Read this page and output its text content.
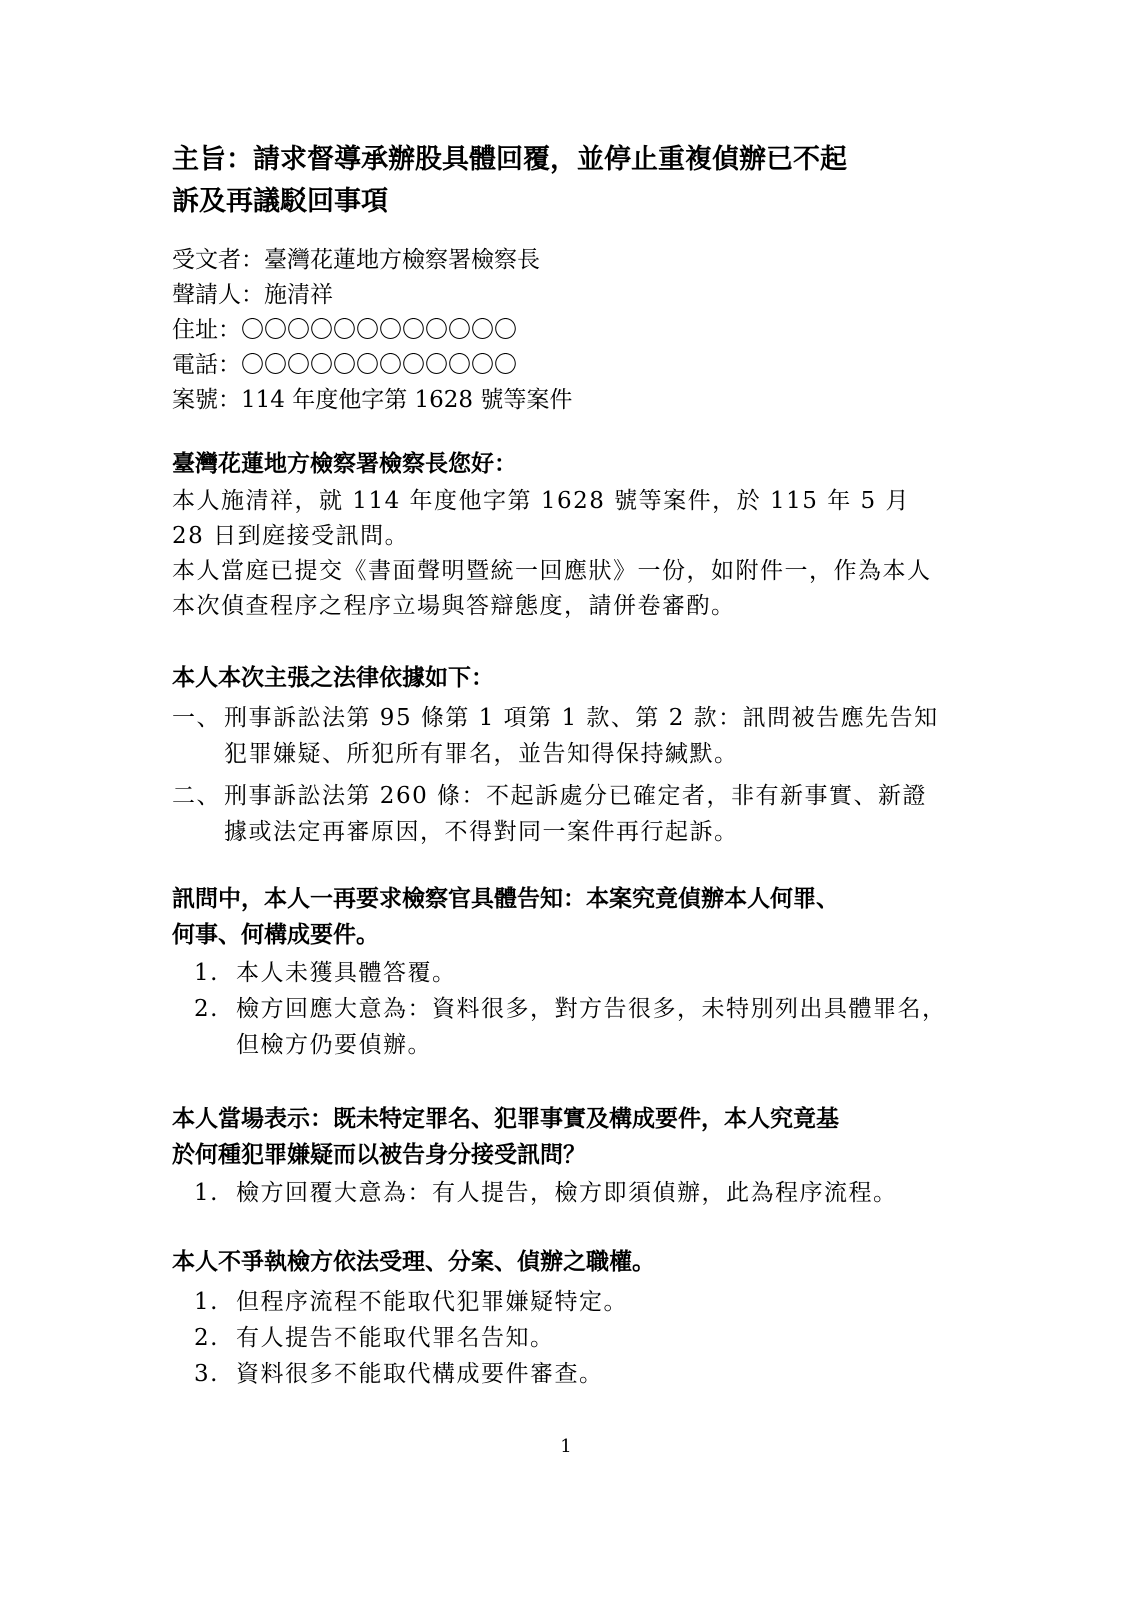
主旨：請求督導承辦股具體回覆，並停止重複偵辦已不起
訴及再議駁回事項
受文者：臺灣花蓮地方檢察署檢察長
聲請人：施清祥
住址：〇〇〇〇〇〇〇〇〇〇〇〇
電話：〇〇〇〇〇〇〇〇〇〇〇〇
案號：114 年度他字第 1628 號等案件
臺灣花蓮地方檢察署檢察長您好：
本人施清祥，就 114 年度他字第 1628 號等案件，於 115 年 5 月 28 日到庭接受訊問。
本人當庭已提交《書面聲明暨統一回應狀》一份，如附件一，作為本人本次偵查程序之程序立場與答辯態度，請併卷審酌。
本人本次主張之法律依據如下：
一、 刑事訴訟法第 95 條第 1 項第 1 款、第 2 款：訊問被告應先告知犯罪嫌疑、所犯所有罪名，並告知得保持緘默。
二、 刑事訴訟法第 260 條：不起訴處分已確定者，非有新事實、新證據或法定再審原因，不得對同一案件再行起訴。
訊問中，本人一再要求檢察官具體告知：本案究竟偵辦本人何罪、
何事、何構成要件。
1. 本人未獲具體答覆。
2. 檢方回應大意為：資料很多，對方告很多，未特別列出具體罪名，但檢方仍要偵辦。
本人當場表示：既未特定罪名、犯罪事實及構成要件，本人究竟基
於何種犯罪嫌疑而以被告身分接受訊問？
1. 檢方回覆大意為：有人提告，檢方即須偵辦，此為程序流程。
本人不爭執檢方依法受理、分案、偵辦之職權。
1. 但程序流程不能取代犯罪嫌疑特定。
2. 有人提告不能取代罪名告知。
3. 資料很多不能取代構成要件審查。
1
